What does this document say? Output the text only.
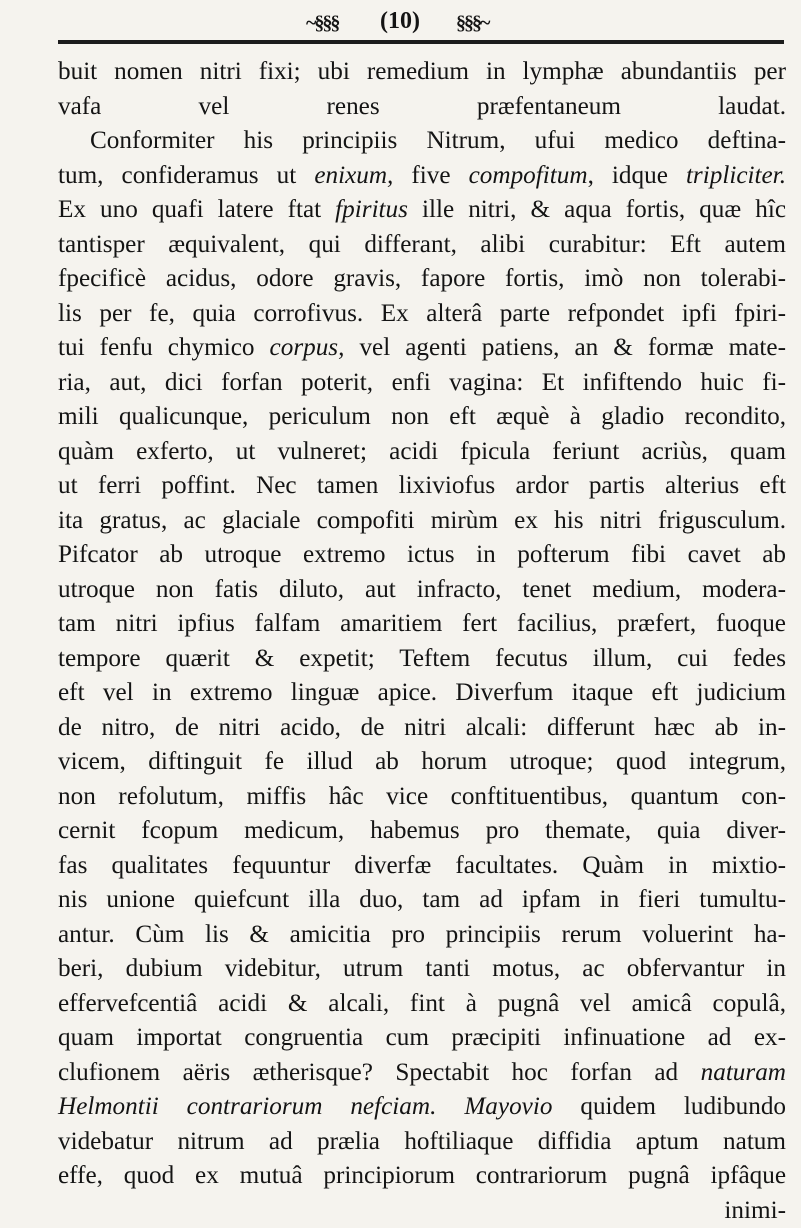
~§§§	(10)	§§§~
buit nomen nitri fixi; ubi remedium in lymphæ abundantiis per
vafa vel renes præfentaneum laudat.
Conformiter his principiis Nitrum, ufui medico deftina-
tum, confideramus ut enixum, five compofitum, idque tripliciter.
Ex uno quafi latere ftat fpiritus ille nitri, & aqua fortis, quæ hîc
tantisper æquivalent, qui differant, alibi curabitur: Eft autem
fpecificè acidus, odore gravis, fapore fortis, imò non tolerabi-
lis per fe, quia corrofivus. Ex alterâ parte refpondet ipfi fpiri-
tui fenfu chymico corpus, vel agenti patiens, an & formæ mate-
ria, aut, dici forfan poterit, enfi vagina: Et infiftendo huic fi-
mili qualicunque, periculum non eft æquè à gladio recondito,
quàm exferto, ut vulneret; acidi fpicula feriunt acriùs, quam
ut ferri poffint. Nec tamen lixiviofus ardor partis alterius eft
ita gratus, ac glaciale compofiti mirùm ex his nitri frigusculum.
Pifcator ab utroque extremo ictus in pofterum fibi cavet ab
utroque non fatis diluto, aut infracto, tenet medium, modera-
tam nitri ipfius falfam amaritiem fert facilius, præfert, fuoque
tempore quærit & expetit; Teftem fecutus illum, cui fedes
eft vel in extremo linguæ apice. Diverfum itaque eft judicium
de nitro, de nitri acido, de nitri alcali: differunt hæc ab in-
vicem, diftinguit fe illud ab horum utroque; quod integrum,
non refolutum, miffis hâc vice conftituentibus, quantum con-
cernit fcopum medicum, habemus pro themate, quia diver-
fas qualitates fequuntur diverfæ facultates. Quàm in mixtio-
nis unione quiefcunt illa duo, tam ad ipfam in fieri tumultu-
antur. Cùm lis & amicitia pro principiis rerum voluerint ha-
beri, dubium videbitur, utrum tanti motus, ac obfervantur in
effervefcentiâ acidi & alcali, fint à pugnâ vel amicâ copulâ,
quam importat congruentia cum præcipiti infinuatione ad ex-
clufionem aëris ætherisque? Spectabit hoc forfan ad naturam
Helmontii contrariorum nefciam. Mayovio quidem ludibundo
videbatur nitrum ad prælia hoftiliaque diffidia aptum natum
effe, quod ex mutuâ principiorum contrariorum pugnâ ipfâque
inimi-
